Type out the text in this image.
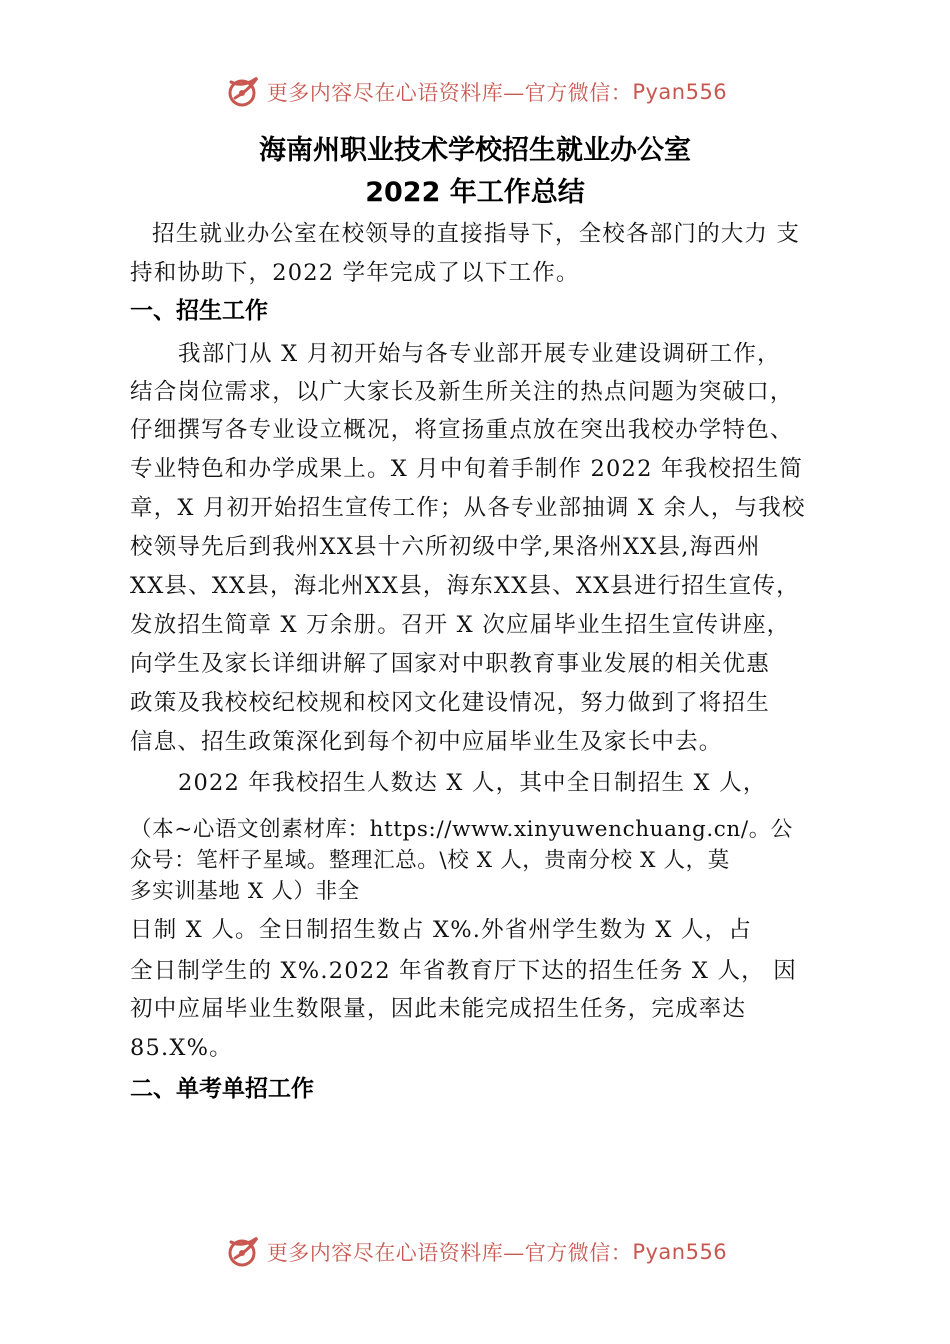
更多内容尽在心语资料库—官方微信： Pyan556
海南州职业技术学校招生就业办公室
2022 年工作总结
招生就业办公室在校领导的直接指导下，全校各部门的大力 支
持和协助下，2022 学年完成了以下工作。
一、招生工作
我部门从 X 月初开始与各专业部开展专业建设调研工作，
结合岗位需求，以广大家长及新生所关注的热点问题为突破口，
仔细撰写各专业设立概况，将宣扬重点放在突出我校办学特色、
专业特色和办学成果上。X 月中旬着手制作 2022 年我校招生简
章，X 月初开始招生宣传工作；从各专业部抽调 X 余人，与我校
校领导先后到我州XX县十六所初级中学,果洛州XX县,海西州
XX县、XX县，海北州XX县，海东XX县、XX县进行招生宣传，
发放招生简章 X 万余册。召开 X 次应届毕业生招生宣传讲座，
向学生及家长详细讲解了国家对中职教育事业发展的相关优惠
政策及我校校纪校规和校冈文化建设情况，努力做到了将招生
信息、招生政策深化到每个初中应届毕业生及家长中去。
2022 年我校招生人数达 X 人，其中全日制招生 X 人，
（本~心语文创素材库：https://www.xinyuwenchuang.cn/。公
众号：笔杆子星域。整理汇总。\校 X 人，贵南分校 X 人，莫
多实训基地 X 人）非全
日制 X 人。全日制招生数占 X%.外省州学生数为 X 人，占
全日制学生的 X%.2022 年省教育厅下达的招生任务 X 人， 因
初中应届毕业生数限量，因此未能完成招生任务，完成率达
85.X%。
二、单考单招工作
更多内容尽在心语资料库—官方微信： Pyan556
